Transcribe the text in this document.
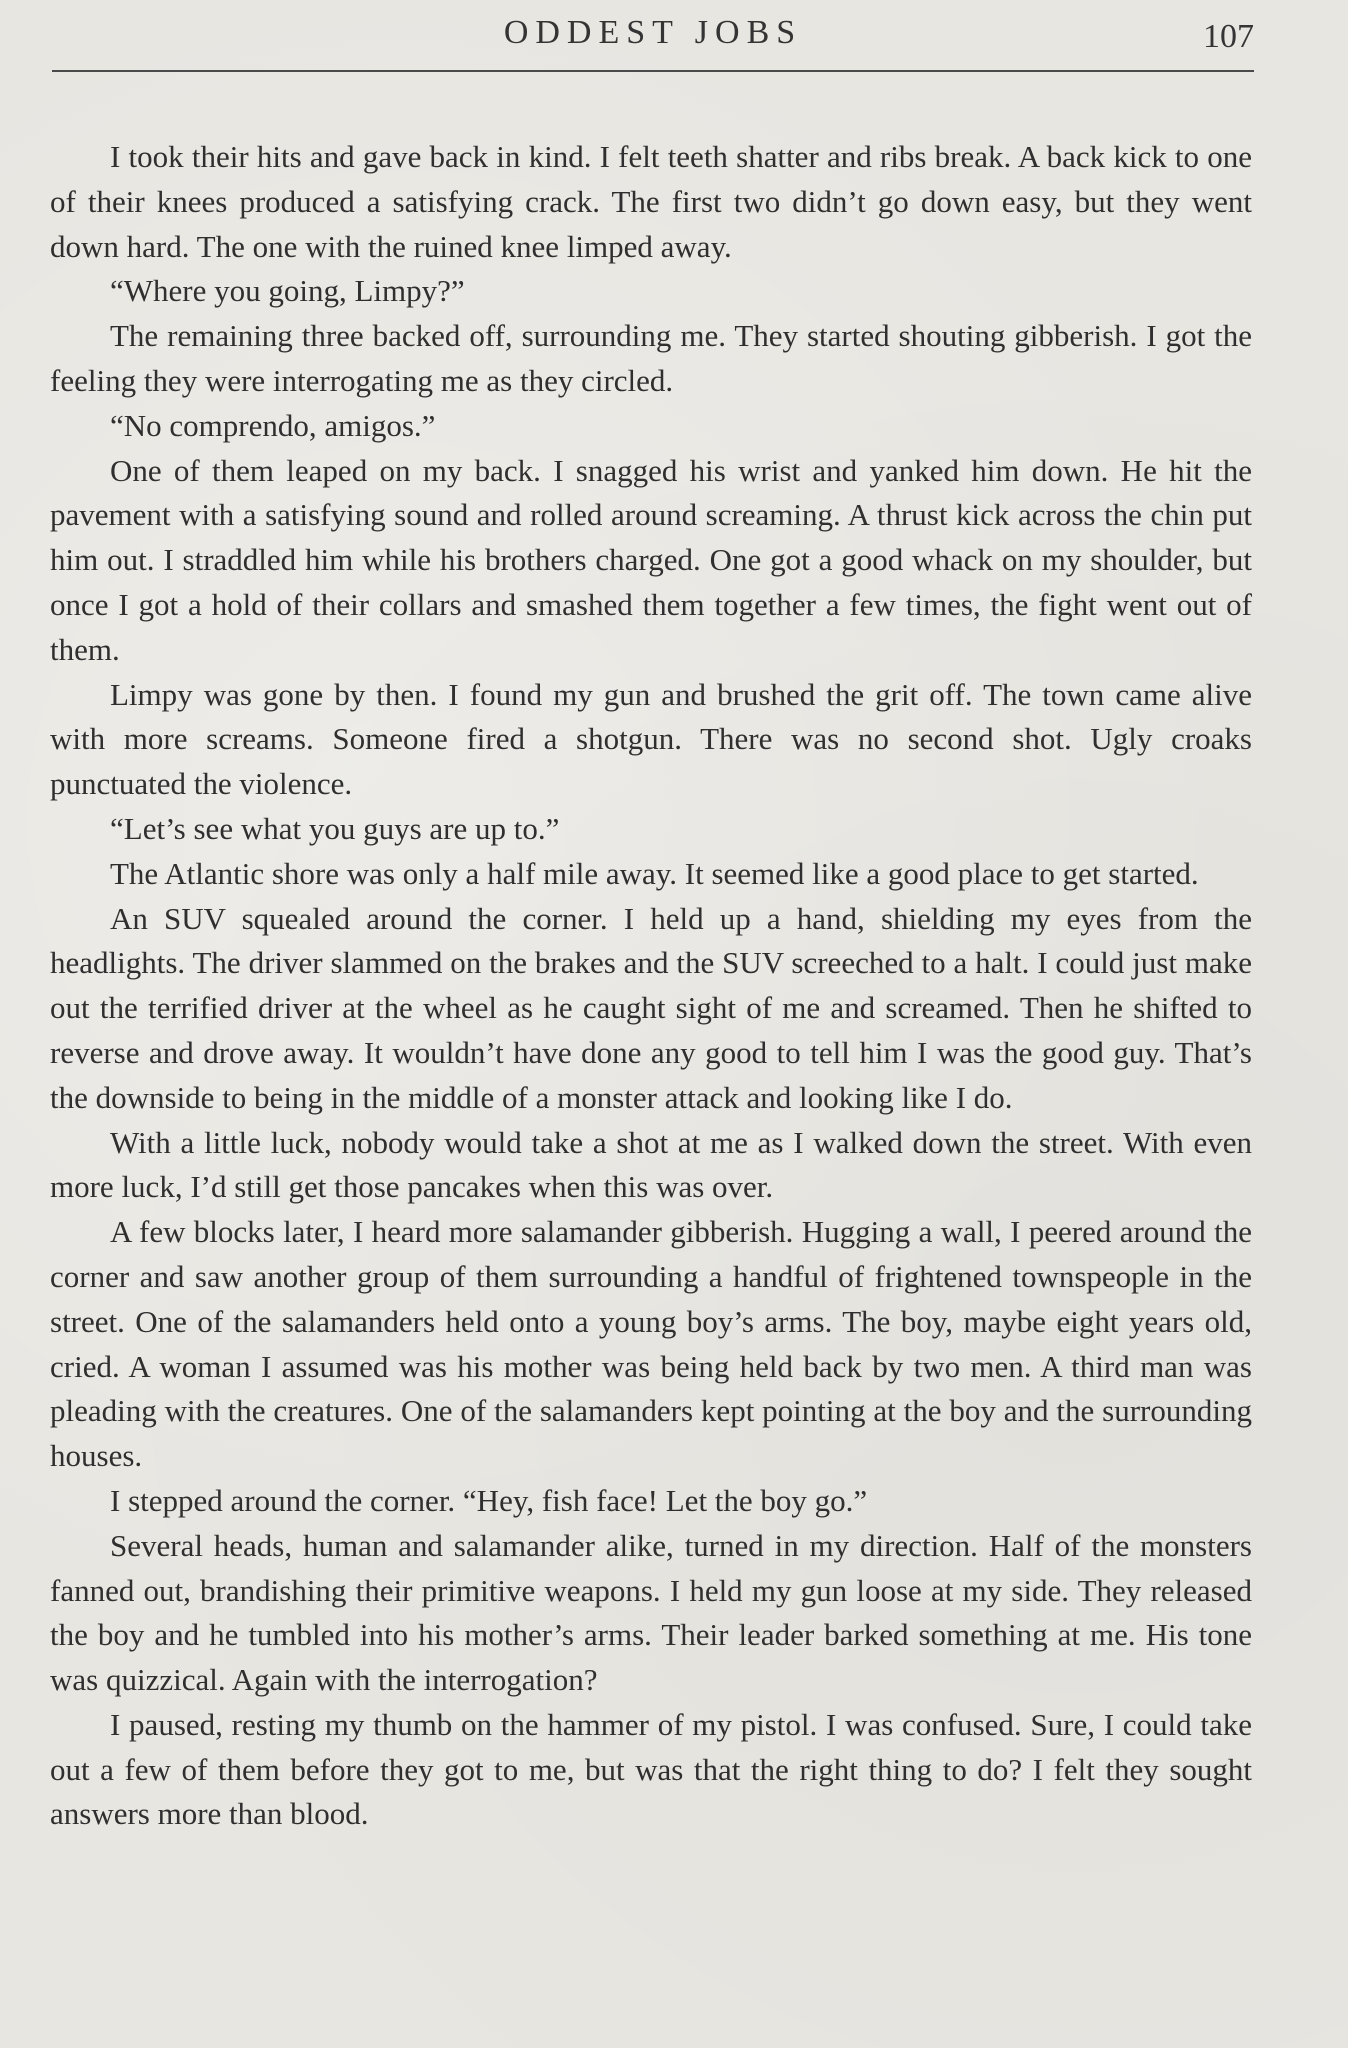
ODDEST JOBS	107

I took their hits and gave back in kind. I felt teeth shatter and ribs break. A back kick to one of their knees produced a satisfying crack. The first two didn’t go down easy, but they went down hard. The one with the ruined knee limped away.

“Where you going, Limpy?”

The remaining three backed off, surrounding me. They started shouting gibberish. I got the feeling they were interrogating me as they circled.

“No comprendo, amigos.”

One of them leaped on my back. I snagged his wrist and yanked him down. He hit the pavement with a satisfying sound and rolled around screaming. A thrust kick across the chin put him out. I straddled him while his brothers charged. One got a good whack on my shoulder, but once I got a hold of their collars and smashed them together a few times, the fight went out of them.

Limpy was gone by then. I found my gun and brushed the grit off. The town came alive with more screams. Someone fired a shotgun. There was no second shot. Ugly croaks punctuated the violence.

“Let’s see what you guys are up to.”

The Atlantic shore was only a half mile away. It seemed like a good place to get started.

An SUV squealed around the corner. I held up a hand, shielding my eyes from the headlights. The driver slammed on the brakes and the SUV screeched to a halt. I could just make out the terrified driver at the wheel as he caught sight of me and screamed. Then he shifted to reverse and drove away. It wouldn’t have done any good to tell him I was the good guy. That’s the downside to being in the middle of a monster attack and looking like I do.

With a little luck, nobody would take a shot at me as I walked down the street. With even more luck, I’d still get those pancakes when this was over.

A few blocks later, I heard more salamander gibberish. Hugging a wall, I peered around the corner and saw another group of them surrounding a handful of frightened townspeople in the street. One of the salamanders held onto a young boy’s arms. The boy, maybe eight years old, cried. A woman I assumed was his mother was being held back by two men. A third man was pleading with the creatures. One of the salamanders kept pointing at the boy and the surrounding houses.

I stepped around the corner. “Hey, fish face! Let the boy go.”

Several heads, human and salamander alike, turned in my direction. Half of the monsters fanned out, brandishing their primitive weapons. I held my gun loose at my side. They released the boy and he tumbled into his mother’s arms. Their leader barked something at me. His tone was quizzical. Again with the interrogation?

I paused, resting my thumb on the hammer of my pistol. I was confused. Sure, I could take out a few of them before they got to me, but was that the right thing to do? I felt they sought answers more than blood.
